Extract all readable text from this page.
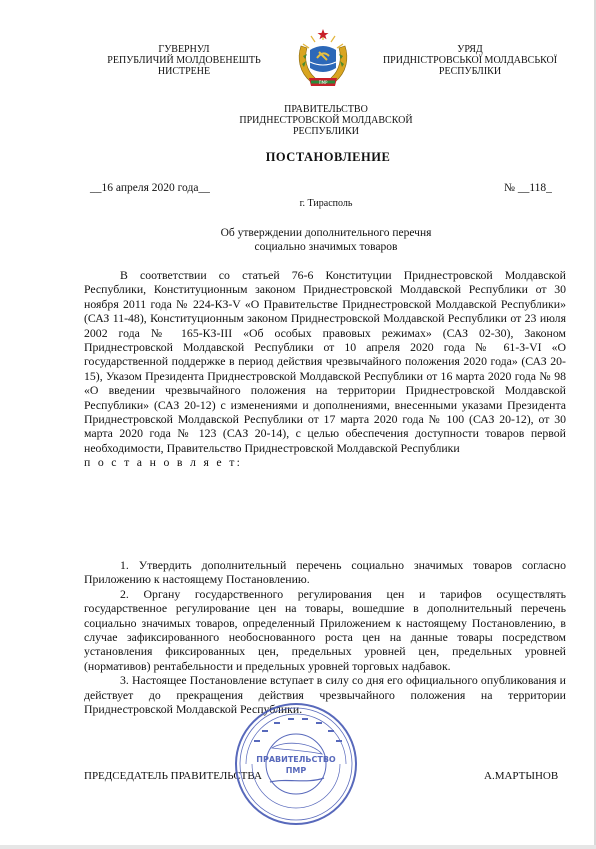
ГУВЕРНУЛ
РЕПУБЛИЧИЙ МОЛДОВЕНЕШТЬ
НИСТРЕНЕ
ПМР
УРЯД
ПРИДНІСТРОВСЬКОЇ МОЛДАВСЬКОЇ
РЕСПУБЛІКИ
ПРАВИТЕЛЬСТВО
ПРИДНЕСТРОВСКОЙ МОЛДАВСКОЙ
РЕСПУБЛИКИ
ПОСТАНОВЛЕНИЕ
__16 апреля 2020 года__	№ __118_
г. Тирасполь
Об утверждении дополнительного перечня
социально значимых товаров

В соответствии со статьей 76-6 Конституции Приднестровской Молдавской Республики, Конституционным законом Приднестровской Молдавской Республики от 30 ноября 2011 года № 224-КЗ-V «О Правительстве Приднестровской Молдавской Республики» (САЗ 11-48), Конституционным законом Приднестровской Молдавской Республики от 23 июля 2002 года № 165-КЗ-III «Об особых правовых режимах» (САЗ 02-30), Законом Приднестровской Молдавской Республики от 10 апреля 2020 года № 61-З-VI «О государственной поддержке в период действия чрезвычайного положения 2020 года» (САЗ 20-15), Указом Президента Приднестровской Молдавской Республики от 16 марта 2020 года № 98 «О введении чрезвычайного положения на территории Приднестровской Молдавской Республики» (САЗ 20-12) с изменениями и дополнениями, внесенными указами Президента Приднестровской Молдавской Республики от 17 марта 2020 года № 100 (САЗ 20-12), от 30 марта 2020 года № 123 (САЗ 20-14), с целью обеспечения доступности товаров первой необходимости, Правительство Приднестровской Молдавской Республики

п о с т а н о в л я е т:

1. Утвердить дополнительный перечень социально значимых товаров согласно Приложению к настоящему Постановлению.

2. Органу государственного регулирования цен и тарифов осуществлять государственное регулирование цен на товары, вошедшие в дополнительный перечень социально значимых товаров, определенный Приложением к настоящему Постановлению, в случае зафиксированного необоснованного роста цен на данные товары посредством установления фиксированных цен, предельных уровней цен, предельных уровней (нормативов) рентабельности и предельных уровней торговых надбавок.

3. Настоящее Постановление вступает в силу со дня его официального опубликования и действует до прекращения действия чрезвычайного положения на территории Приднестровской Молдавской Республики.

ПРЕДСЕДАТЕЛЬ ПРАВИТЕЛЬСТВА	А.МАРТЫНОВ
ПРАВИТЕЛЬСТВО
ПМР
